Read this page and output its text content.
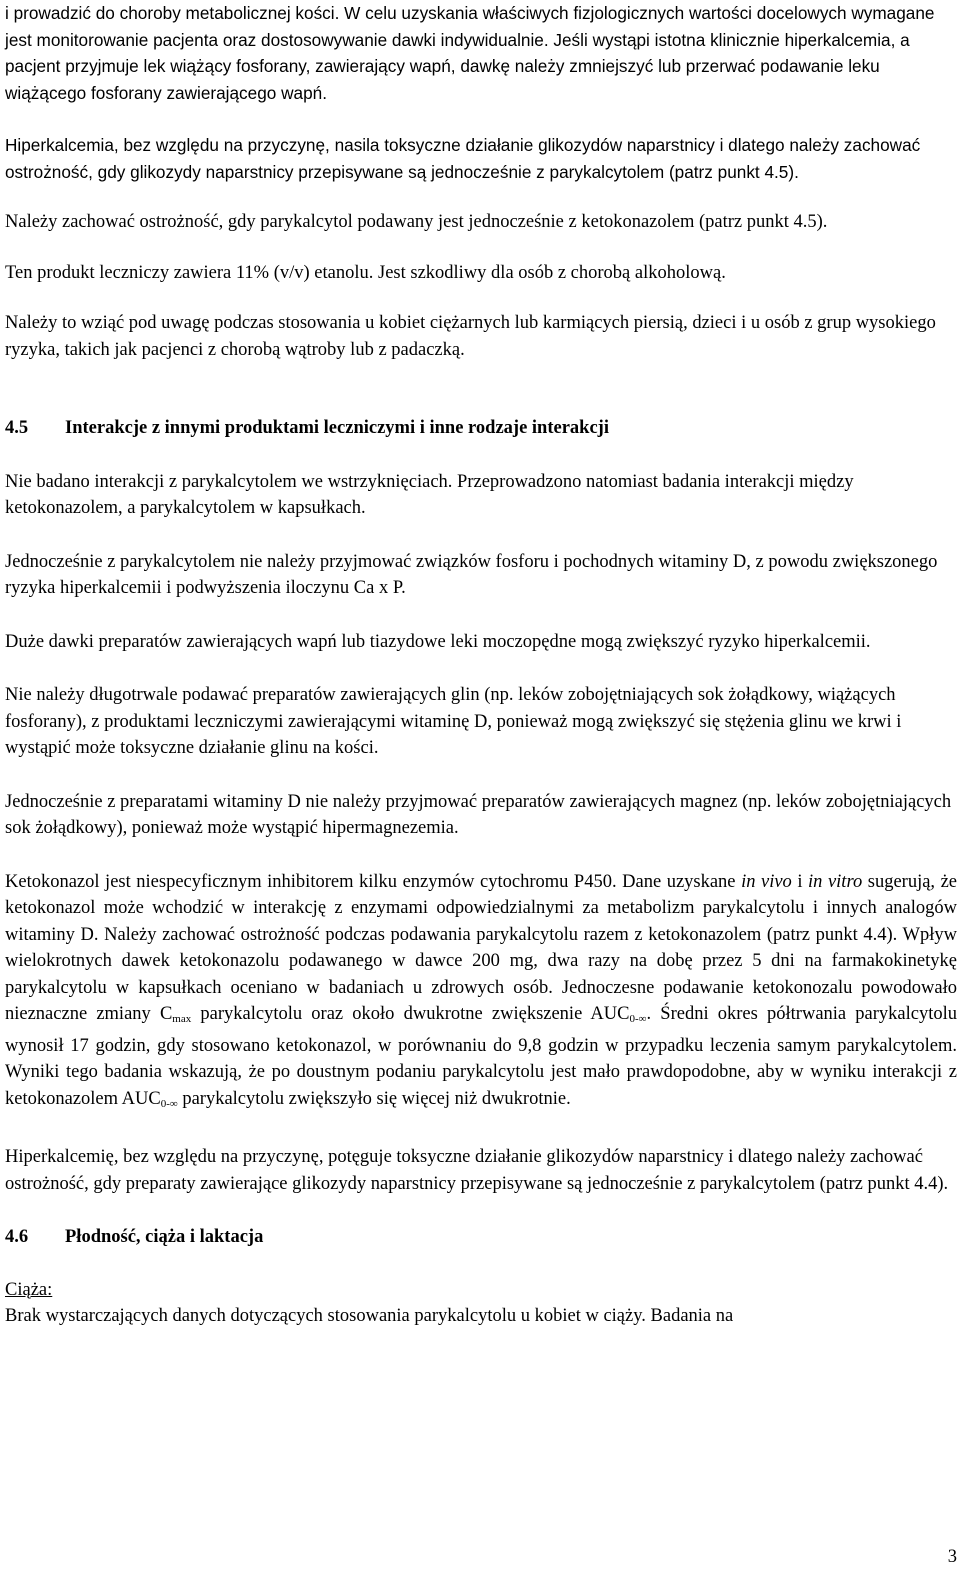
i prowadzić do choroby metabolicznej kości. W celu uzyskania właściwych fizjologicznych wartości docelowych wymagane jest monitorowanie pacjenta oraz dostosowywanie dawki indywidualnie. Jeśli wystąpi istotna klinicznie hiperkalcemia, a pacjent przyjmuje lek wiążący fosforany, zawierający wapń, dawkę należy zmniejszyć lub przerwać podawanie leku wiążącego fosforany zawierającego wapń.

Hiperkalcemia, bez względu na przyczynę, nasila toksyczne działanie glikozydów naparstnicy i dlatego należy zachować ostrożność, gdy glikozydy naparstnicy przepisywane są jednocześnie z parykalcytolem (patrz punkt 4.5).

Należy zachować ostrożność, gdy parykalcytol podawany jest jednocześnie z ketokonazolem (patrz punkt 4.5).

Ten produkt leczniczy zawiera 11% (v/v) etanolu. Jest szkodliwy dla osób z chorobą alkoholową.

Należy to wziąć pod uwagę podczas stosowania u kobiet ciężarnych lub karmiących piersią, dzieci i u osób z grup wysokiego ryzyka, takich jak pacjenci z chorobą wątroby lub z padaczką.

4.5 Interakcje z innymi produktami leczniczymi i inne rodzaje interakcji

Nie badano interakcji z parykalcytolem we wstrzyknięciach. Przeprowadzono natomiast badania interakcji między ketokonazolem, a parykalcytolem w kapsułkach.

Jednocześnie z parykalcytolem nie należy przyjmować związków fosforu i pochodnych witaminy D, z powodu zwiększonego ryzyka hiperkalcemii i podwyższenia iloczynu Ca x P.

Duże dawki preparatów zawierających wapń lub tiazydowe leki moczopędne mogą zwiększyć ryzyko hiperkalcemii.

Nie należy długotrwale podawać preparatów zawierających glin (np. leków zobojętniających sok żołądkowy, wiążących fosforany), z produktami leczniczymi zawierającymi witaminę D, ponieważ mogą zwiększyć się stężenia glinu we krwi i wystąpić może toksyczne działanie glinu na kości.

Jednocześnie z preparatami witaminy D nie należy przyjmować preparatów zawierających magnez (np. leków zobojętniających sok żołądkowy), ponieważ może wystąpić hipermagnezemia.

Ketokonazol jest niespecyficznym inhibitorem kilku enzymów cytochromu P450. Dane uzyskane in vivo i in vitro sugerują, że ketokonazol może wchodzić w interakcję z enzymami odpowiedzialnymi za metabolizm parykalcytolu i innych analogów witaminy D. Należy zachować ostrożność podczas podawania parykalcytolu razem z ketokonazolem (patrz punkt 4.4). Wpływ wielokrotnych dawek ketokonazolu podawanego w dawce 200 mg, dwa razy na dobę przez 5 dni na farmakokinetykę parykalcytolu w kapsułkach oceniano w badaniach u zdrowych osób. Jednoczesne podawanie ketokonozalu powodowało nieznaczne zmiany $C_{max}$ parykalcytolu oraz około dwukrotne zwiększenie $AUC_{0-\infty}$. Średni okres półtrwania parykalcytolu wynosił 17 godzin, gdy stosowano ketokonazol, w porównaniu do 9,8 godzin w przypadku leczenia samym parykalcytolem. Wyniki tego badania wskazują, że po doustnym podaniu parykalcytolu jest mało prawdopodobne, aby w wyniku interakcji z ketokonazolem $AUC_{0-\infty}$ parykalcytolu zwiększyło się więcej niż dwukrotnie.

Hiperkalcemię, bez względu na przyczynę, potęguje toksyczne działanie glikozydów naparstnicy i dlatego należy zachować ostrożność, gdy preparaty zawierające glikozydy naparstnicy przepisywane są jednocześnie z parykalcytolem (patrz punkt 4.4).

4.6 Płodność, ciąża i laktacja

Ciąża:

Brak wystarczających danych dotyczących stosowania parykalcytolu u kobiet w ciąży. Badania na

3
